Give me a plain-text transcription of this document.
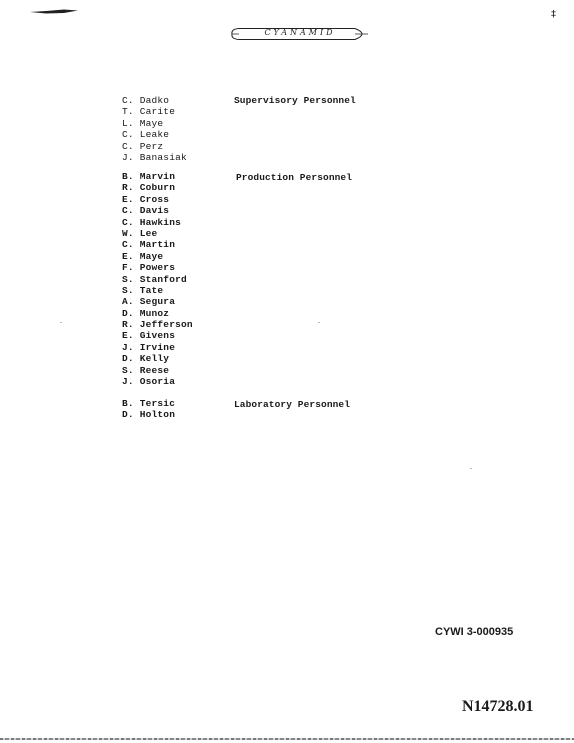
‡
CYANAMID
C. Dadko
T. Carite
L. Maye
C. Leake
C. Perz
J. Banasiak
Supervisory Personnel
B. Marvin
R. Coburn
E. Cross
C. Davis
C. Hawkins
W. Lee
C. Martin
E. Maye
F. Powers
S. Stanford
S. Tate
A. Segura
D. Munoz
R. Jefferson
E. Givens
J. Irvine
D. Kelly
S. Reese
J. Osoria
Production Personnel
B. Tersic
D. Holton
Laboratory Personnel
CYWI 3-000935
N14728.01
